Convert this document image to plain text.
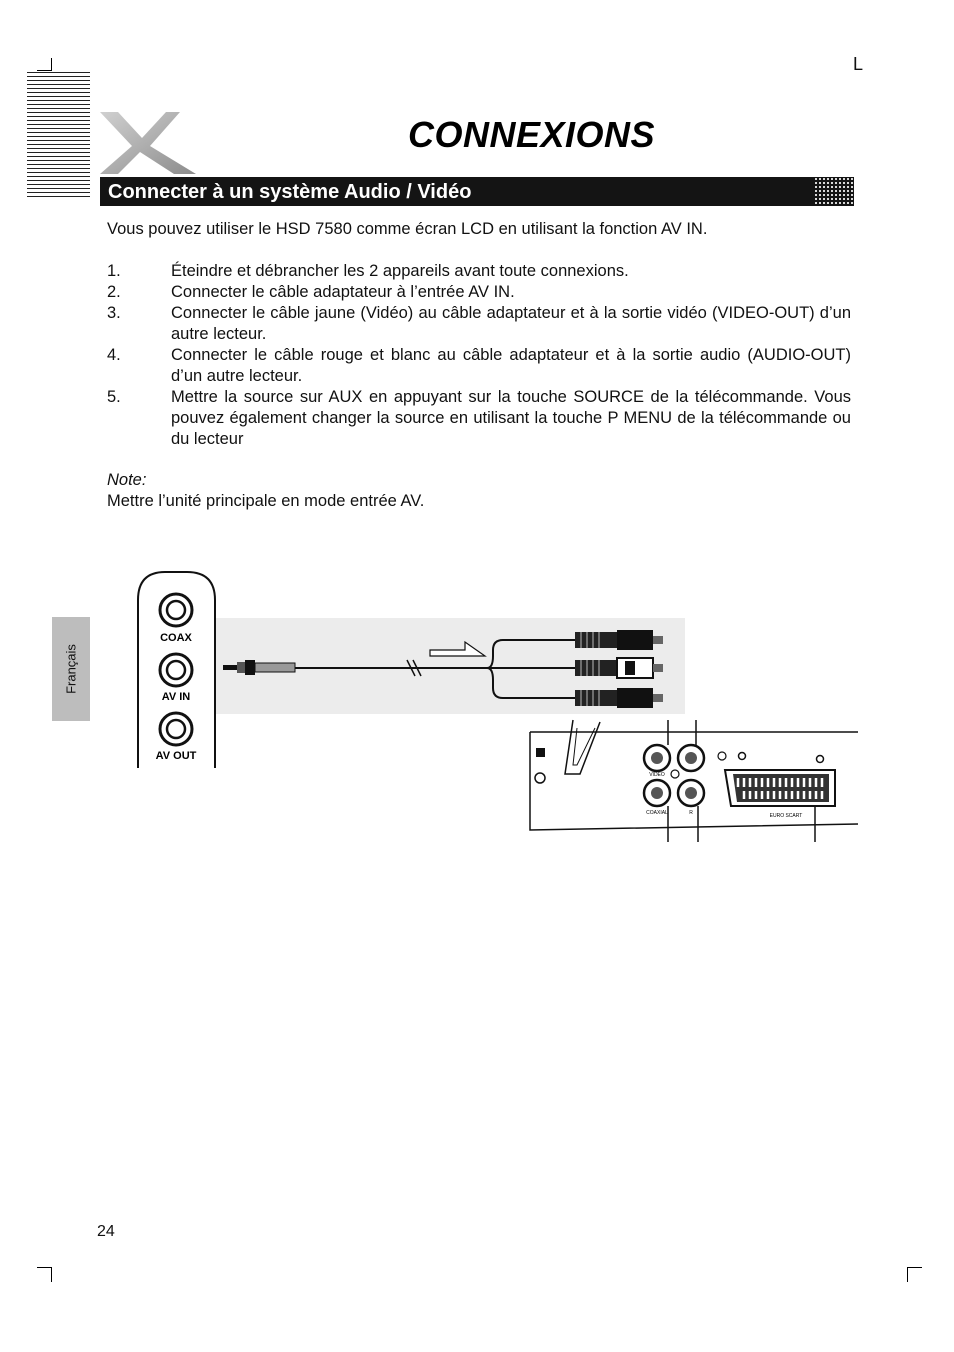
L
CONNEXIONS
Connecter à un système Audio / Vidéo
Vous pouvez utiliser le HSD 7580 comme écran LCD en utilisant la fonction AV IN.
1.	Éteindre et débrancher les 2 appareils avant toute connexions.
2.	Connecter le câble adaptateur à l’entrée AV IN.
3.	Connecter le câble jaune (Vidéo) au câble adaptateur et à la sortie vidéo (VIDEO-OUT) d’un autre lecteur.
4.	Connecter le câble rouge et blanc au câble adaptateur et à la sortie audio (AUDIO-OUT) d’un autre lecteur.
5.	Mettre la source sur AUX en appuyant sur la touche SOURCE de la télécommande. Vous pouvez également changer la source en utilisant la touche P MENU de la télécommande ou du lecteur
Note:
Mettre l’unité principale en mode entrée AV.
Français
COAX
AV IN
AV OUT
VIDEO
COAXIAL	R	EURO SCART
24
